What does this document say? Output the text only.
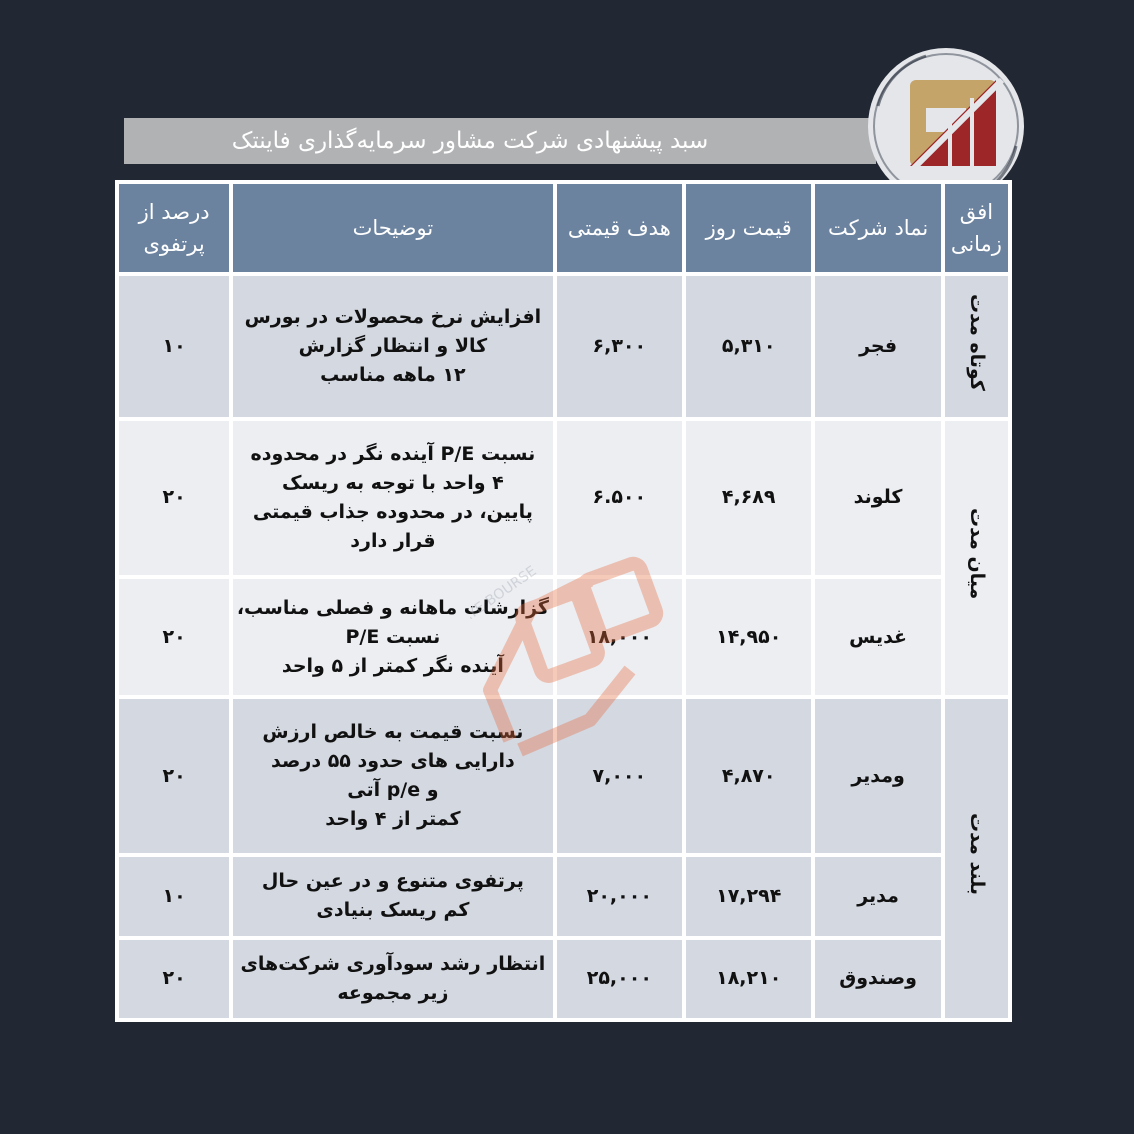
سبد پیشنهادی شرکت مشاور سرمایه‌گذاری فاینتک
افق زمانی	نماد شرکت	قیمت روز	هدف قیمتی	توضیحات	درصد از پرتفوی
کوتاه مدت	فجر	۵,۳۱۰	۶,۳۰۰	افزایش نرخ محصولات در بورس
کالا و انتظار گزارش
۱۲ ماهه مناسب	۱۰
میان مدت	کلوند	۴,۶۸۹	۶.۵۰۰	نسبت P/E آینده نگر در محدوده
۴ واحد با توجه به ریسک
پایین، در محدوده جذاب قیمتی
قرار دارد	۲۰
	غدیس	۱۴,۹۵۰	۱۸,۰۰۰	گزارشات ماهانه و فصلی مناسب،
نسبت P/E
آینده نگر کمتر از ۵ واحد	۲۰
بلند مدت	ومدیر	۴,۸۷۰	۷,۰۰۰	نسبت قیمت به خالص ارزش
دارایی های حدود ۵۵ درصد
و p/e آتی
کمتر از ۴ واحد	۲۰
	مدیر	۱۷,۲۹۴	۲۰,۰۰۰	پرتفوی متنوع و در عین حال
کم ریسک بنیادی	۱۰
	وصندوق	۱۸,۲۱۰	۲۵,۰۰۰	انتظار رشد سودآوری شرکت‌های
زیر مجموعه	۲۰
